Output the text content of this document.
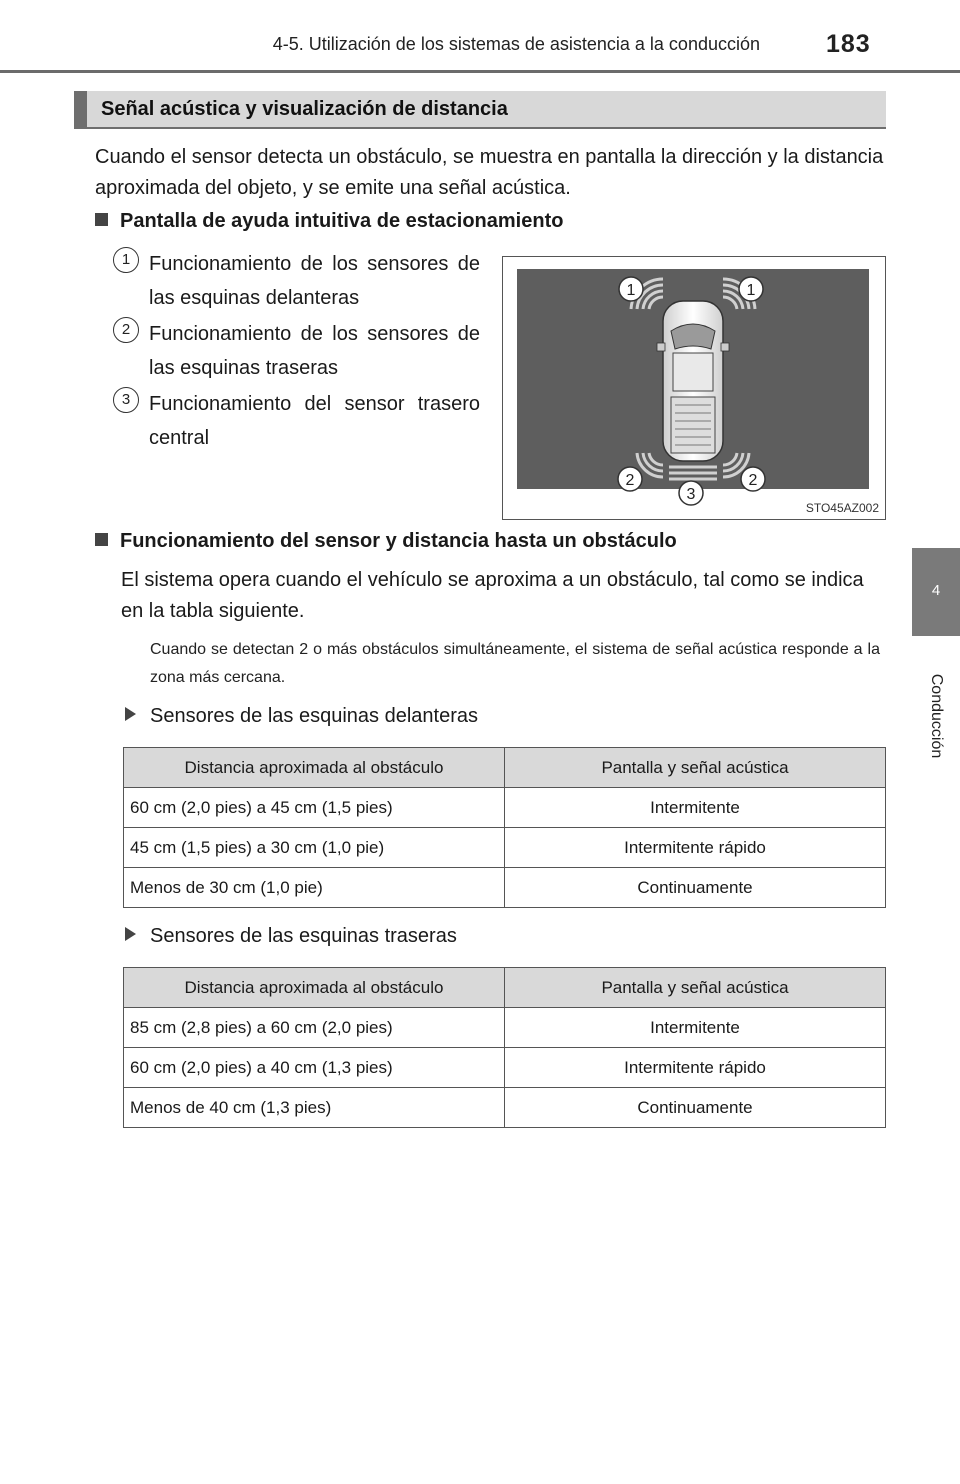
4-5. Utilización de los sistemas de asistencia a la conducción	183
4
Conducción
Señal acústica y visualización de distancia

Cuando el sensor detecta un obstáculo, se muestra en pantalla la dirección y la distancia aproximada del objeto, y se emite una señal acústica.

Pantalla de ayuda intuitiva de estacionamiento
1 Funcionamiento de los sensores de las esquinas delanteras
2 Funcionamiento de los sensores de las esquinas traseras
3 Funcionamiento del sensor trasero central
1	1
2
3
2
STO45AZ002
Funcionamiento del sensor y distancia hasta un obstáculo

El sistema opera cuando el vehículo se aproxima a un obstáculo, tal como se indica en la tabla siguiente.

Cuando se detectan 2 o más obstáculos simultáneamente, el sistema de señal acústica responde a la zona más cercana.

Sensores de las esquinas delanteras
Distancia aproximada al obstáculo	Pantalla y señal acústica
60 cm (2,0 pies) a 45 cm (1,5 pies)	Intermitente
45 cm (1,5 pies) a 30 cm (1,0 pie)	Intermitente rápido
Menos de 30 cm (1,0 pie)	Continuamente
Sensores de las esquinas traseras
Distancia aproximada al obstáculo	Pantalla y señal acústica
85 cm (2,8 pies) a 60 cm (2,0 pies)	Intermitente
60 cm (2,0 pies) a 40 cm (1,3 pies)	Intermitente rápido
Menos de 40 cm (1,3 pies)	Continuamente
